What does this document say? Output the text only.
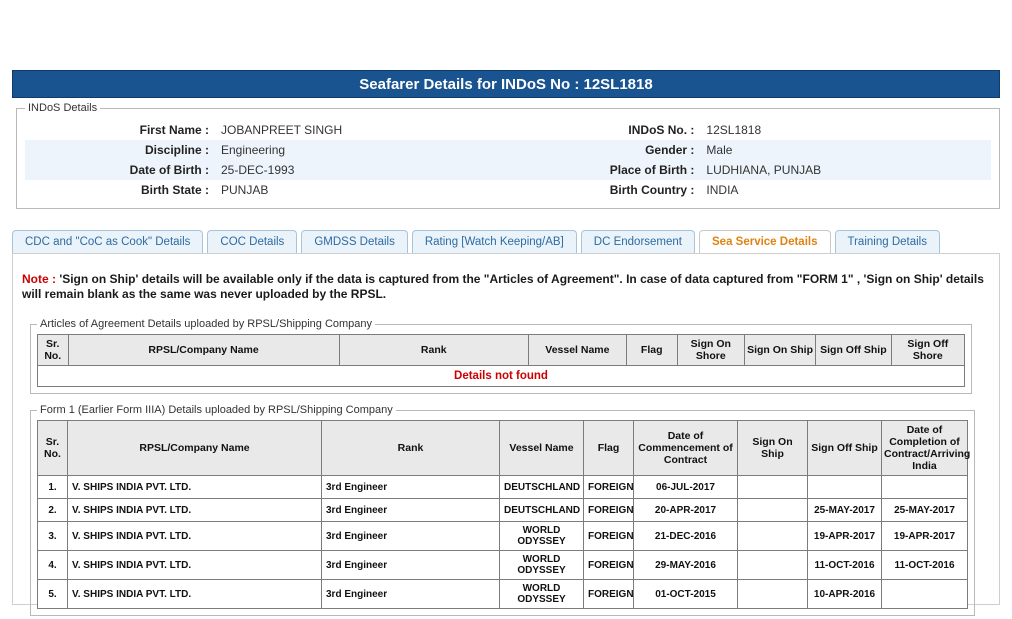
Seafarer Details for INDoS No : 12SL1818
INDoS Details
First Name :	JOBANPREET SINGH	INDoS No. :	12SL1818
Discipline :	Engineering	Gender :	Male
Date of Birth :	25-DEC-1993	Place of Birth :	LUDHIANA, PUNJAB
Birth State :	PUNJAB	Birth Country :	INDIA
CDC and "CoC as Cook" Details	COC Details	GMDSS Details	Rating [Watch Keeping/AB]	DC Endorsement	Sea Service Details	Training Details
Note : 'Sign on Ship' details will be available only if the data is captured from the "Articles of Agreement". In case of data captured from "FORM 1" , 'Sign on Ship' details will remain blank as the same was never uploaded by the RPSL.
Articles of Agreement Details uploaded by RPSL/Shipping Company
Sr. No.	RPSL/Company Name	Rank	Vessel Name	Flag	Sign On Shore	Sign On Ship	Sign Off Ship	Sign Off Shore
Details not found
Form 1 (Earlier Form IIIA) Details uploaded by RPSL/Shipping Company
Sr. No.	RPSL/Company Name	Rank	Vessel Name	Flag	Date of Commencement of Contract	Sign On Ship	Sign Off Ship	Date of Completion of Contract/Arriving India
1.	V. SHIPS INDIA PVT. LTD.	3rd Engineer	DEUTSCHLAND	FOREIGN	06-JUL-2017			
2.	V. SHIPS INDIA PVT. LTD.	3rd Engineer	DEUTSCHLAND	FOREIGN	20-APR-2017		25-MAY-2017	25-MAY-2017
3.	V. SHIPS INDIA PVT. LTD.	3rd Engineer	WORLD ODYSSEY	FOREIGN	21-DEC-2016		19-APR-2017	19-APR-2017
4.	V. SHIPS INDIA PVT. LTD.	3rd Engineer	WORLD ODYSSEY	FOREIGN	29-MAY-2016		11-OCT-2016	11-OCT-2016
5.	V. SHIPS INDIA PVT. LTD.	3rd Engineer	WORLD ODYSSEY	FOREIGN	01-OCT-2015		10-APR-2016	
